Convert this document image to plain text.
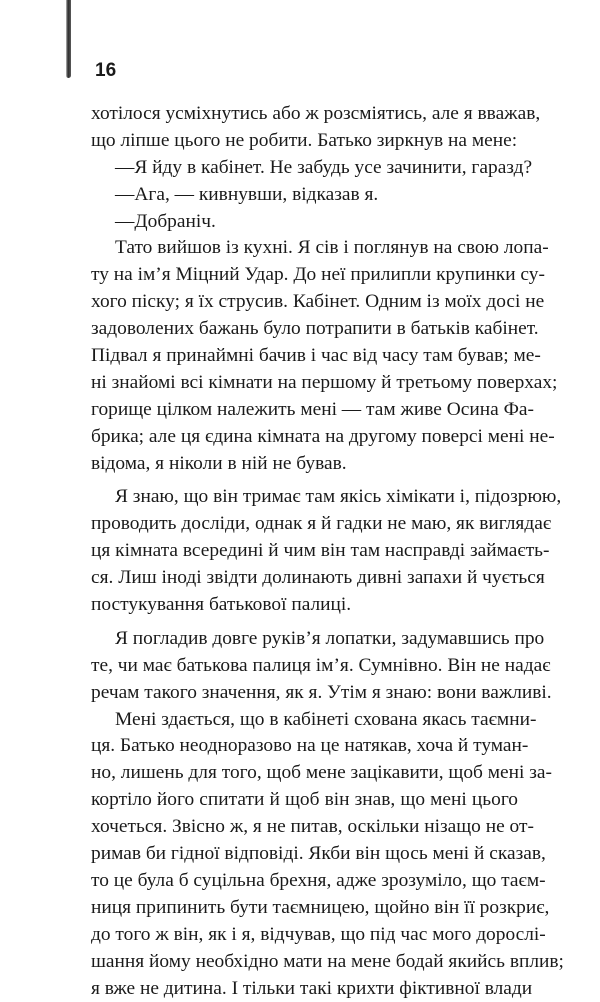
16
хотілося усміхнутись або ж розсміятись, але я вважав,
що ліпше цього не робити. Батько зиркнув на мене:
—Я йду в кабінет. Не забудь усе зачинити, гаразд?
—Ага, — кивнувши, відказав я.
—Добраніч.
Тато вийшов із кухні. Я сів і поглянув на свою лопа-
ту на ім’я Міцний Удар. До неї прилипли крупинки су-
хого піску; я їх струсив. Кабінет. Одним із моїх досі не
задоволених бажань було потрапити в батьків кабінет.
Підвал я принаймні бачив і час від часу там бував; ме-
ні знайомі всі кімнати на першому й третьому поверхах;
горище цілком належить мені — там живе Осина Фа-
брика; але ця єдина кімната на другому поверсі мені не-
відома, я ніколи в ній не бував.
Я знаю, що він тримає там якісь хімікати і, підозрюю,
проводить досліди, однак я й гадки не маю, як виглядає
ця кімната всередині й чим він там насправді займаєть-
ся. Лиш іноді звідти долинають дивні запахи й чується
постукування батькової палиці.
Я погладив довге руків’я лопатки, задумавшись про
те, чи має батькова палиця ім’я. Сумнівно. Він не надає
речам такого значення, як я. Утім я знаю: вони важливі.
Мені здається, що в кабінеті схована якась таємни-
ця. Батько неодноразово на це натякав, хоча й туман-
но, лишень для того, щоб мене зацікавити, щоб мені за-
кортіло його спитати й щоб він знав, що мені цього
хочеться. Звісно ж, я не питав, оскільки нізащо не от-
римав би гідної відповіді. Якби він щось мені й сказав,
то це була б суцільна брехня, адже зрозуміло, що таєм-
ниця припинить бути таємницею, щойно він її розкриє,
до того ж він, як і я, відчував, що під час мого дорослі-
шання йому необхідно мати на мене бодай якийсь вплив;
я вже не дитина. І тільки такі крихти фіктивної влади
